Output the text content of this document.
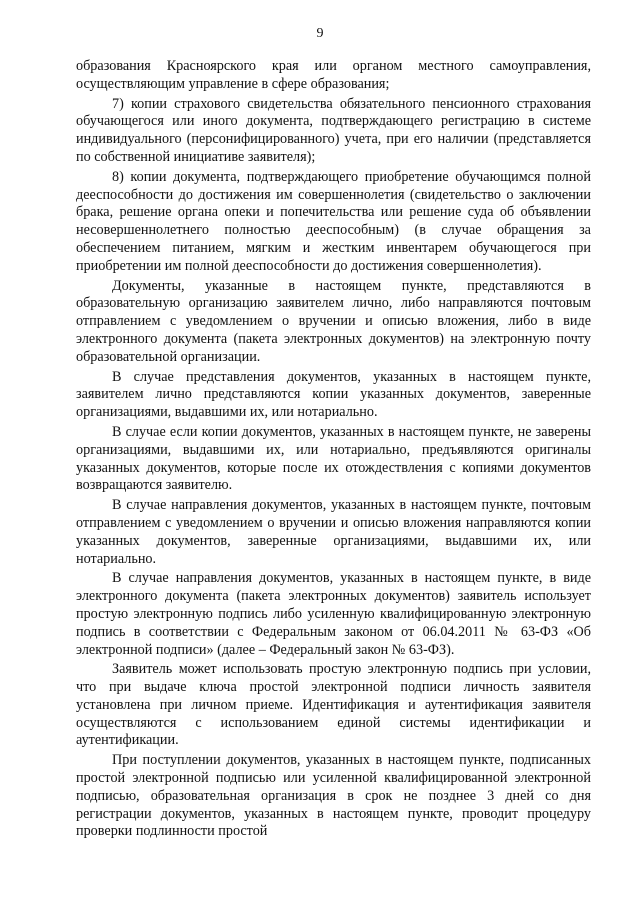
9

образования Красноярского края или органом местного самоуправления, осуществляющим управление в сфере образования;

7) копии страхового свидетельства обязательного пенсионного страхования обучающегося или иного документа, подтверждающего регистрацию в системе индивидуального (персонифицированного) учета, при его наличии (представляется по собственной инициативе заявителя);

8) копии документа, подтверждающего приобретение обучающимся полной дееспособности до достижения им совершеннолетия (свидетельство о заключении брака, решение органа опеки и попечительства или решение суда об объявлении несовершеннолетнего полностью дееспособным) (в случае обращения за обеспечением питанием, мягким и жестким инвентарем обучающегося при приобретении им полной дееспособности до достижения совершеннолетия).

Документы, указанные в настоящем пункте, представляются в образовательную организацию заявителем лично, либо направляются почтовым отправлением с уведомлением о вручении и описью вложения, либо в виде электронного документа (пакета электронных документов) на электронную почту образовательной организации.

В случае представления документов, указанных в настоящем пункте, заявителем лично представляются копии указанных документов, заверенные организациями, выдавшими их, или нотариально.

В случае если копии документов, указанных в настоящем пункте, не заверены организациями, выдавшими их, или нотариально, предъявляются оригиналы указанных документов, которые после их отождествления с копиями документов возвращаются заявителю.

В случае направления документов, указанных в настоящем пункте, почтовым отправлением с уведомлением о вручении и описью вложения направляются копии указанных документов, заверенные организациями, выдавшими их, или нотариально.

В случае направления документов, указанных в настоящем пункте, в виде электронного документа (пакета электронных документов) заявитель использует простую электронную подпись либо усиленную квалифицированную электронную подпись в соответствии с Федеральным законом от 06.04.2011 № 63-ФЗ «Об электронной подписи» (далее – Федеральный закон № 63-ФЗ).

Заявитель может использовать простую электронную подпись при условии, что при выдаче ключа простой электронной подписи личность заявителя установлена при личном приеме. Идентификация и аутентификация заявителя осуществляются с использованием единой системы идентификации и аутентификации.

При поступлении документов, указанных в настоящем пункте, подписанных простой электронной подписью или усиленной квалифицированной электронной подписью, образовательная организация в срок не позднее 3 дней со дня регистрации документов, указанных в настоящем пункте, проводит процедуру проверки подлинности простой
